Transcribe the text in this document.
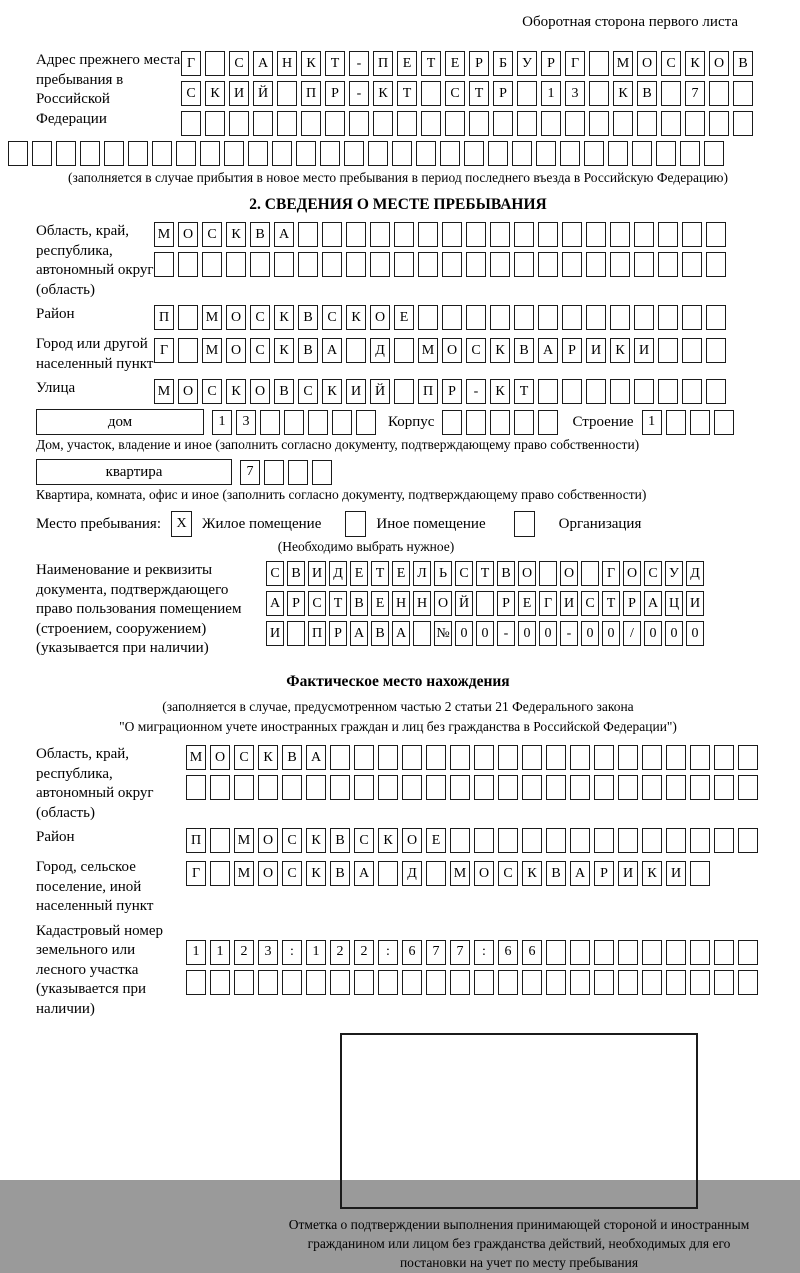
Оборотная сторона первого листа
Адрес прежнего места пребывания в Российской Федерации
Г	С	А Н	К	Т	-	П	Е	Т	Е	Р	Б	У	Р	Г	М О	С	К	О	В
С	К	И Й	П	Р	-	К	Т	С	Т	Р	1	3	К	В	7
(заполняется в случае прибытия в новое место пребывания в период последнего въезда в Российскую Федерацию)
2. СВЕДЕНИЯ О МЕСТЕ ПРЕБЫВАНИЯ
Область, край, республика, автономный округ (область)
М О	С	К	В	А
Район	П	М О	С	К	В	С	К	О	Е
Город или другой населенный пункт
Г	М О	С	К	В	А	Д	М О	С	К	В	А	Р	И	К	И
Улица	М О	С	К	О	В	С	К	И Й	П	Р	-	К	Т
дом	1	3	Корпус	Строение	1
Дом, участок, владение и иное (заполнить согласно документу, подтверждающему право собственности)
квартира	7
Квартира, комната, офис и иное (заполнить согласно документу, подтверждающему право собственности)
Место пребывания:	X	Жилое помещение	Иное помещение	Организация
(Необходимо выбрать нужное)
Наименование и реквизиты документа, подтверждающего право пользования помещением (строением, сооружением) (указывается при наличии)
С В И Д Е Т Е Л Ь С Т В О О	Г О С У Д
А Р С Т В Е Н Н О Й	Р Е Г И С Т Р А Ц И
И П Р А В А № 0	0	-	0	0	-	0	0	/	0	0	0
Фактическое место нахождения
(заполняется в случае, предусмотренном частью 2 статьи 21 Федерального закона
"О миграционном учете иностранных граждан и лиц без гражданства в Российской Федерации")
Область, край, республика, автономный округ (область)
М О	С	К	В	А
Район	П	М О	С	К	В	С	К	О	Е
Город, сельское поселение, иной населенный пункт
Г	М О	С	К	В	А	Д	М О	С	К	В	А	Р	И	К	И
Кадастровый номер земельного или лесного участка (указывается при наличии)
1	1	2	3	:	1	2	2	:	6	7	7	:	6	6
Отметка о подтверждении выполнения принимающей стороной и иностранным гражданином или лицом без гражданства действий, необходимых для его постановки на учет по месту пребывания
